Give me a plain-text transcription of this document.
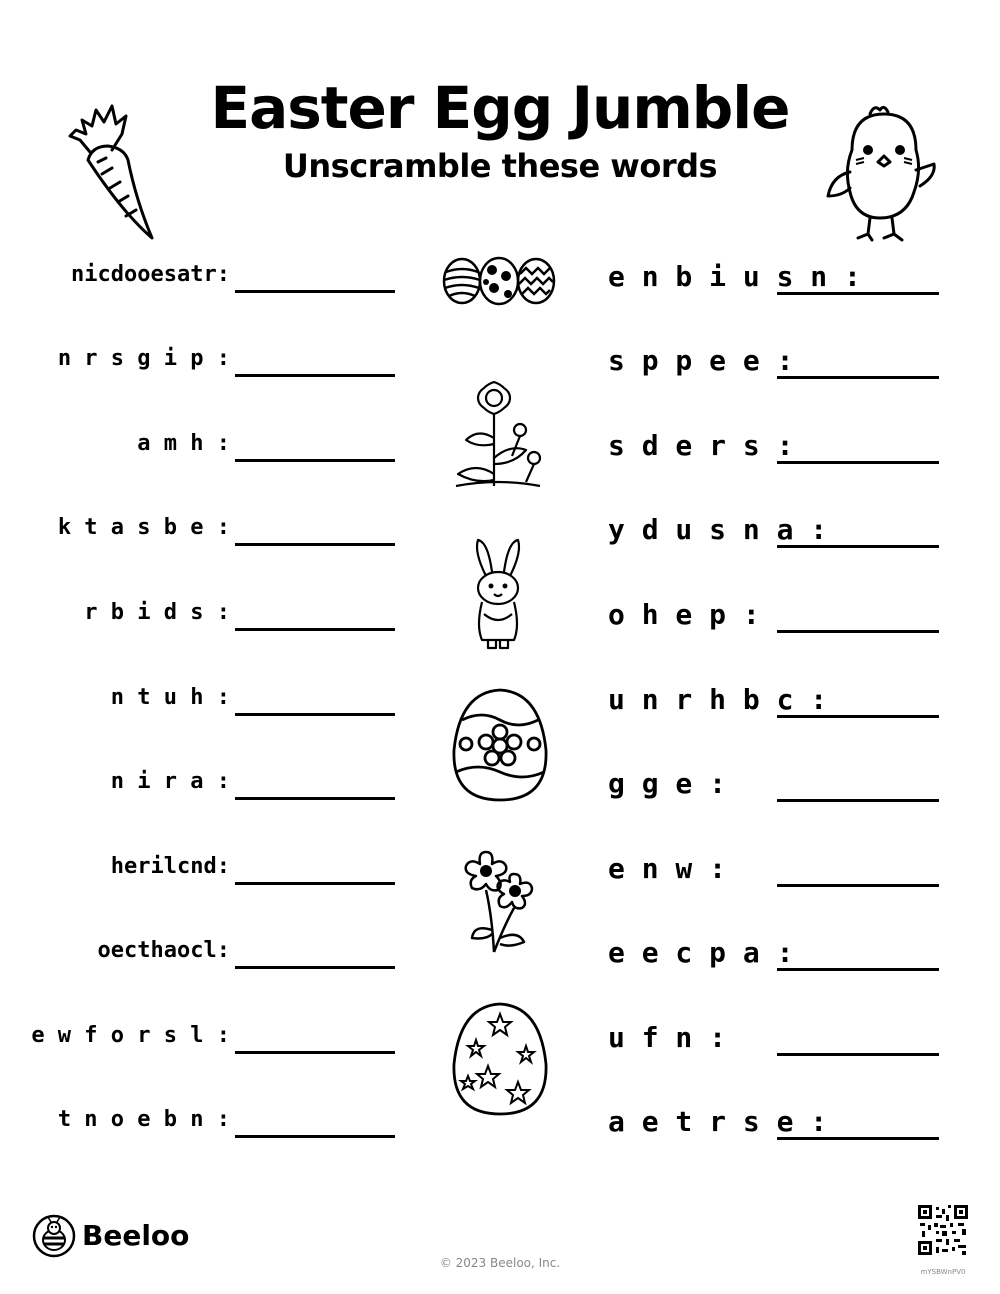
Easter Egg Jumble
Unscramble these words
nicdooesatr:
n r s g i p :
a m h :
k t a s b e :
r b i d s :
n t u h :
n i r a :
herilcnd:
oecthaocl:
e w f o r s l :
t n o e b n :
e n b i u s n :
s p p e e :
s d e r s :
y d u s n a :
o h e p :
u n r h b c :
g g e :
e n w :
e e c p a :
u f n :
a e t r s e :
Beeloo
© 2023 Beeloo, Inc.
mYSBWnPV0
